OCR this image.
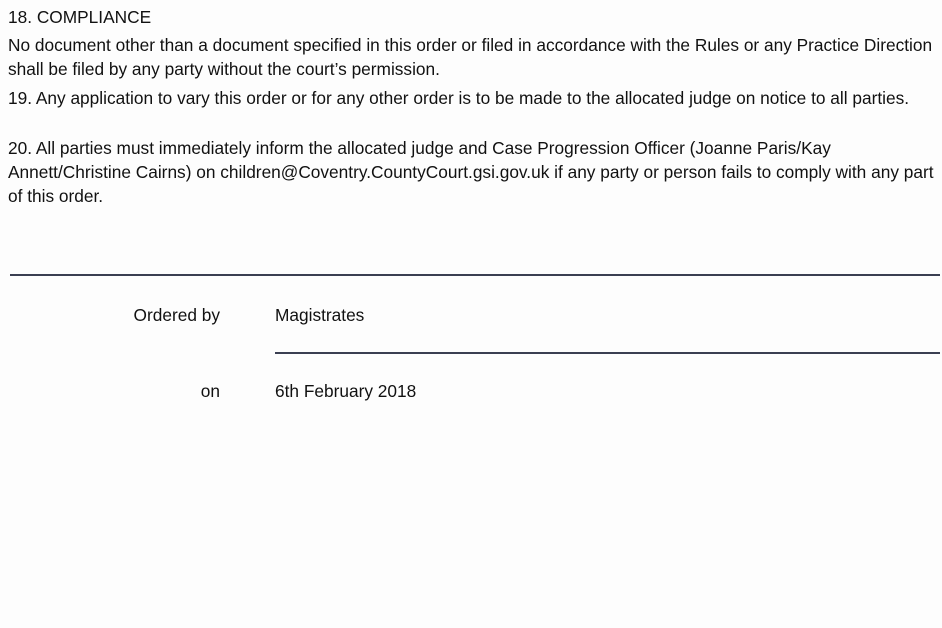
18. COMPLIANCE

No document other than a document specified in this order or filed in accordance with the Rules or any Practice Direction shall be filed by any party without the court’s permission.

19. Any application to vary this order or for any other order is to be made to the allocated judge on notice to all parties.

20. All parties must immediately inform the allocated judge and Case Progression Officer (Joanne Paris/Kay Annett/Christine Cairns) on children@Coventry.CountyCourt.gsi.gov.uk if any party or person fails to comply with any part of this order.

Ordered by	Magistrates
on	6th February 2018
